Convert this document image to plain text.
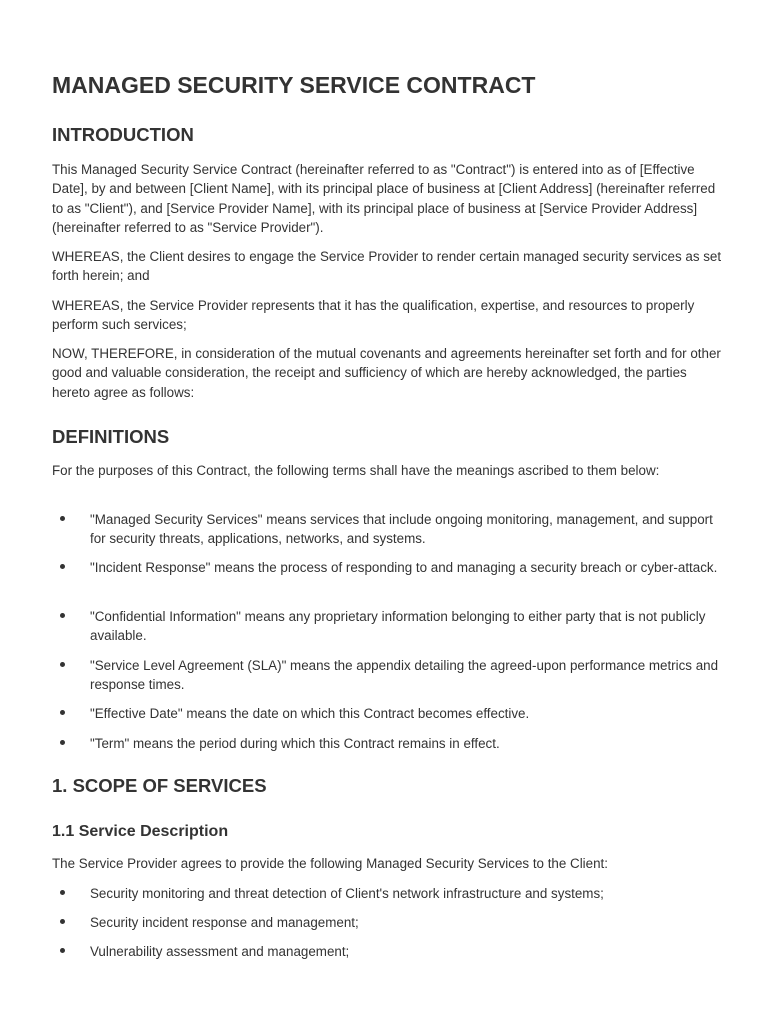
MANAGED SECURITY SERVICE CONTRACT
INTRODUCTION

This Managed Security Service Contract (hereinafter referred to as "Contract") is entered into as of [Effective Date], by and between [Client Name], with its principal place of business at [Client Address] (hereinafter referred to as "Client"), and [Service Provider Name], with its principal place of business at [Service Provider Address] (hereinafter referred to as "Service Provider").

WHEREAS, the Client desires to engage the Service Provider to render certain managed security services as set forth herein; and

WHEREAS, the Service Provider represents that it has the qualification, expertise, and resources to properly perform such services;

NOW, THEREFORE, in consideration of the mutual covenants and agreements hereinafter set forth and for other good and valuable consideration, the receipt and sufficiency of which are hereby acknowledged, the parties hereto agree as follows:

DEFINITIONS

For the purposes of this Contract, the following terms shall have the meanings ascribed to them below:

"Managed Security Services" means services that include ongoing monitoring, management, and support for security threats, applications, networks, and systems.
"Incident Response" means the process of responding to and managing a security breach or cyber-attack.
"Confidential Information" means any proprietary information belonging to either party that is not publicly available.
"Service Level Agreement (SLA)" means the appendix detailing the agreed-upon performance metrics and response times.
"Effective Date" means the date on which this Contract becomes effective.
"Term" means the period during which this Contract remains in effect.
1. SCOPE OF SERVICES
1.1 Service Description

The Service Provider agrees to provide the following Managed Security Services to the Client:

Security monitoring and threat detection of Client's network infrastructure and systems;
Security incident response and management;
Vulnerability assessment and management;
